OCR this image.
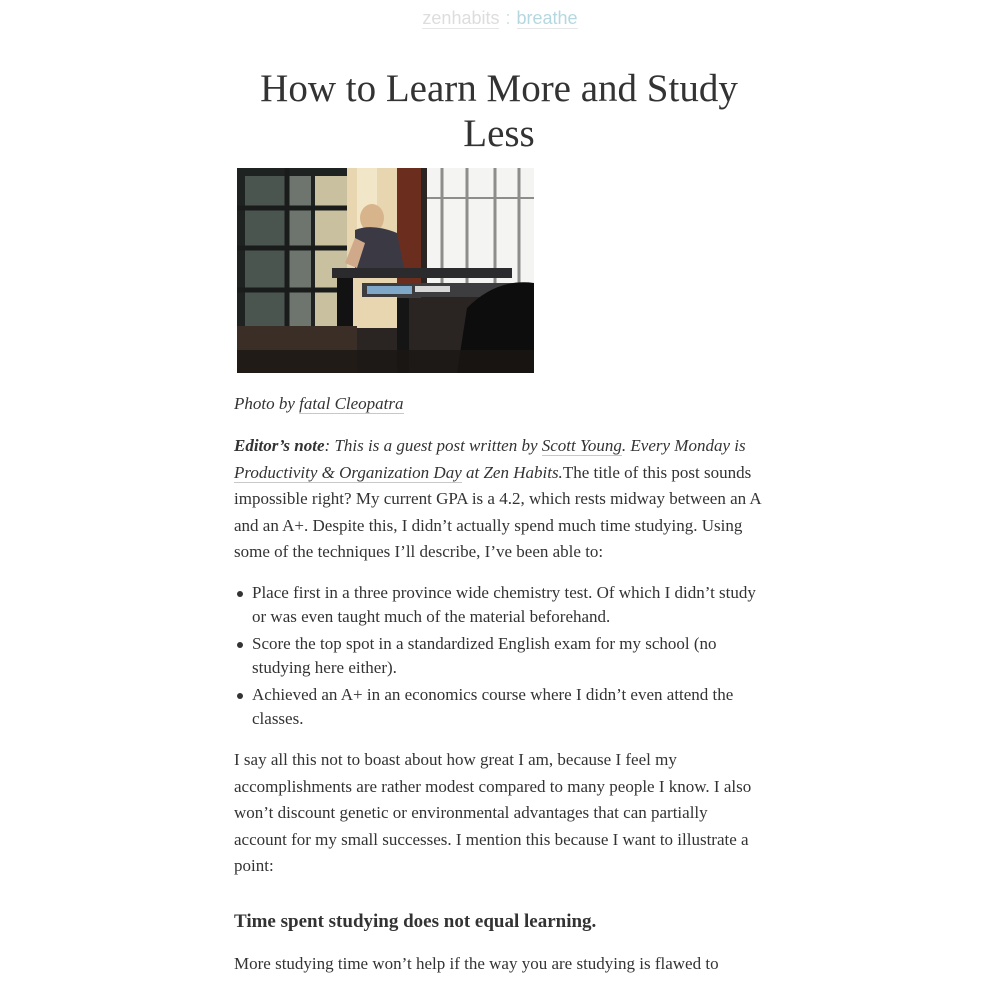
zenhabits : breathe
How to Learn More and Study Less

Photo by fatal Cleopatra

Editor’s note: This is a guest post written by Scott Young. Every Monday is Productivity & Organization Day at Zen Habits.The title of this post sounds impossible right? My current GPA is a 4.2, which rests midway between an A and an A+. Despite this, I didn’t actually spend much time studying. Using some of the techniques I’ll describe, I’ve been able to:

Place first in a three province wide chemistry test. Of which I didn’t study or was even taught much of the material beforehand.
Score the top spot in a standardized English exam for my school (no studying here either).
Achieved an A+ in an economics course where I didn’t even attend the classes.

I say all this not to boast about how great I am, because I feel my accomplishments are rather modest compared to many people I know. I also won’t discount genetic or environmental advantages that can partially account for my small successes. I mention this because I want to illustrate a point:

Time spent studying does not equal learning.

More studying time won’t help if the way you are studying is flawed to
